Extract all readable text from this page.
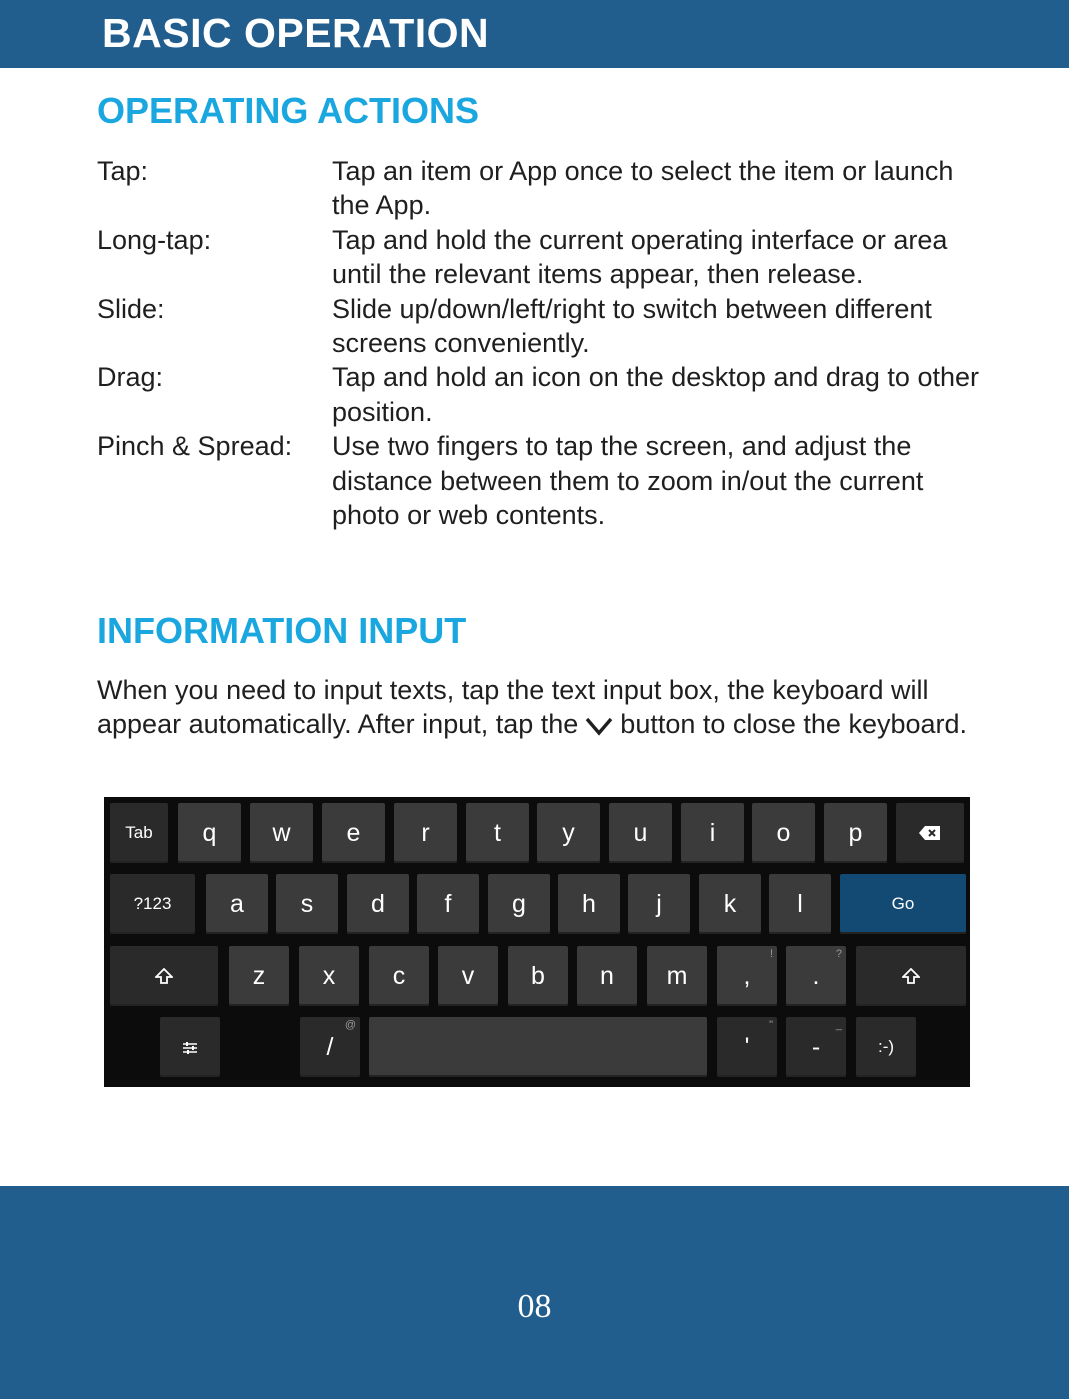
BASIC OPERATION
OPERATING ACTIONS
Tap:	Tap an item or App once to select the item or launch the App.
Long-tap:	Tap and hold the current operating interface or area until the relevant items appear, then release.
Slide:	Slide up/down/left/right to switch between different screens conveniently.
Drag:	Tap and hold an icon on the desktop and drag to other position.
Pinch & Spread: Use two fingers to tap the screen, and adjust the distance between them to zoom in/out the current photo or web contents.
INFORMATION INPUT
When you need to input texts, tap the text input box, the keyboard will appear automatically. After input, tap the button to close the keyboard.
Tab	q	w	e	r	t	y	u	i	o	p
?123	a	s	d	f	g	h	j	k	l	Go
z	x	c	v	b	n	m	,
!
.
?
/
@
'
"
-
_
:-)
08
